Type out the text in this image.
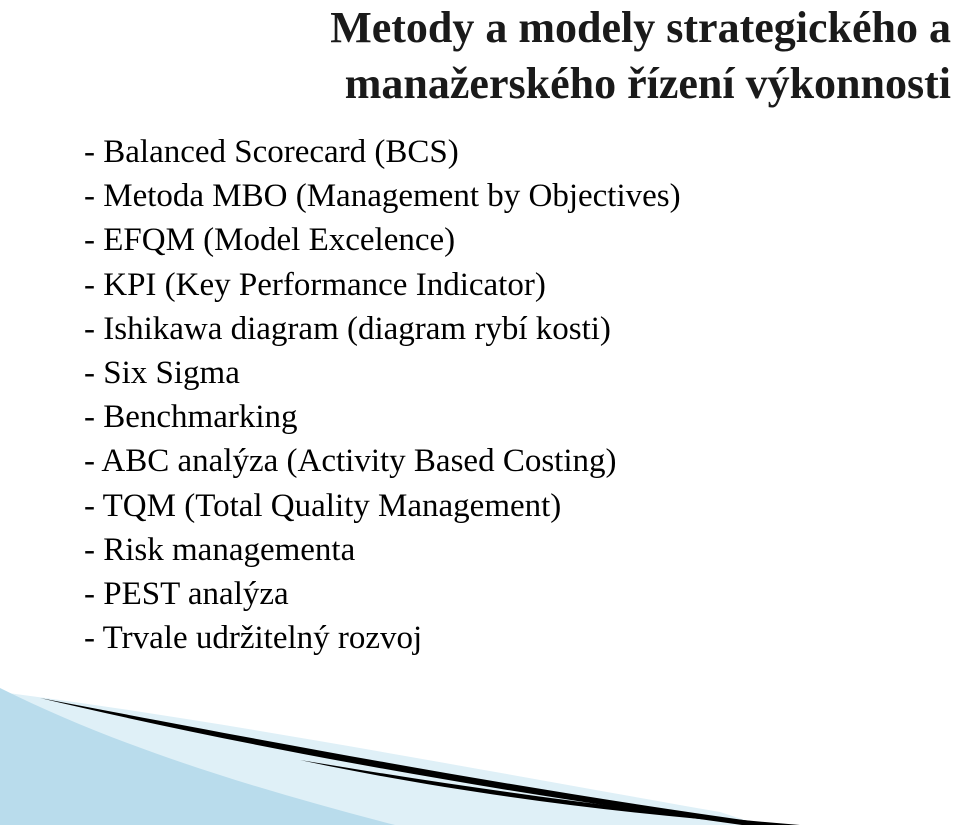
Metody a modely strategického a
manažerského řízení výkonnosti
- Balanced Scorecard (BCS)
- Metoda MBO (Management by Objectives)
- EFQM (Model Excelence)
- KPI (Key Performance Indicator)
- Ishikawa diagram (diagram rybí kosti)
- Six Sigma
- Benchmarking
- ABC analýza (Activity Based Costing)
- TQM (Total Quality Management)
- Risk managementa
- PEST analýza
- Trvale udržitelný rozvoj
